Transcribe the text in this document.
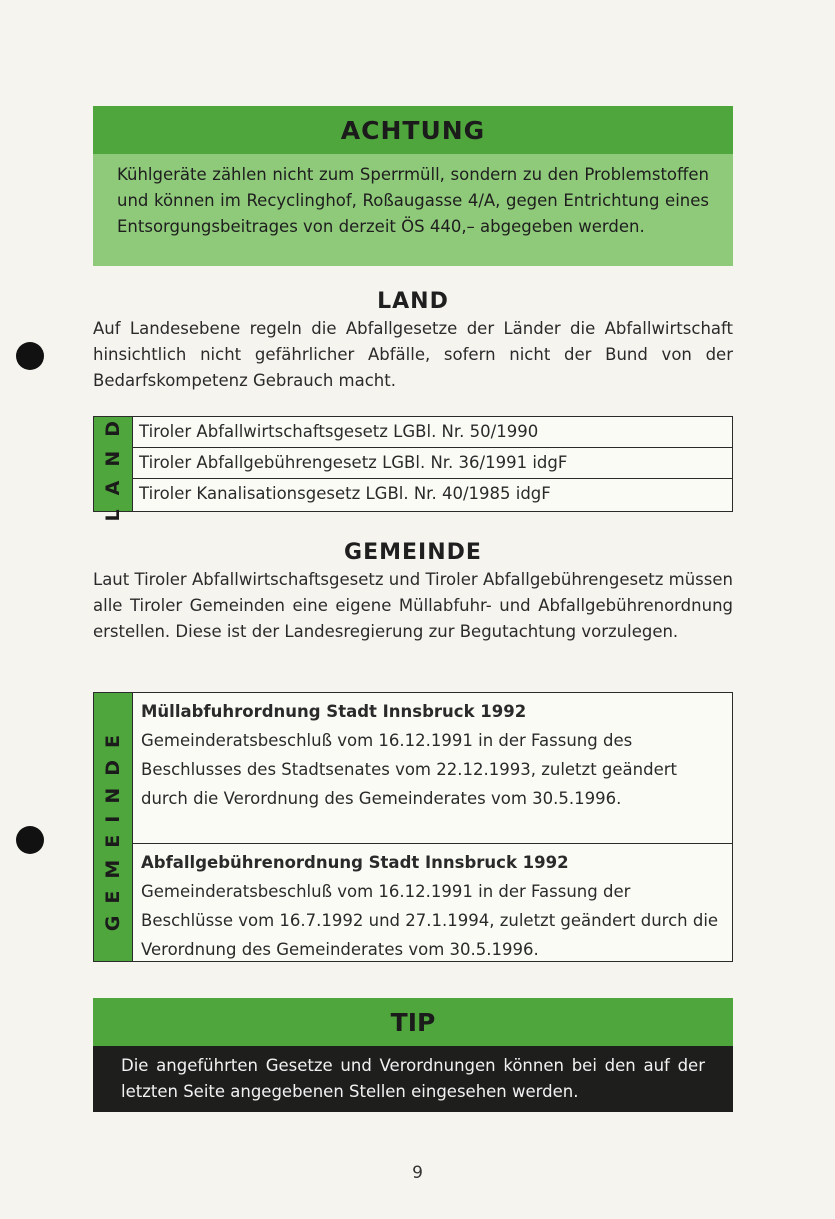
ACHTUNG
Kühlgeräte zählen nicht zum Sperrmüll, sondern zu den Problemstoffen und können im Recyclinghof, Roßaugasse 4/A, gegen Entrichtung eines Entsorgungsbeitrages von derzeit ÖS 440,– abgegeben werden.
LAND
Auf Landesebene regeln die Abfallgesetze der Länder die Abfallwirtschaft hinsichtlich nicht gefährlicher Abfälle, sofern nicht der Bund von der Bedarfskompetenz Gebrauch macht.
LAND Tiroler Abfallwirtschaftsgesetz LGBl. Nr. 50/1990
Tiroler Abfallgebührengesetz LGBl. Nr. 36/1991 idgF
Tiroler Kanalisationsgesetz LGBl. Nr. 40/1985 idgF
GEMEINDE
Laut Tiroler Abfallwirtschaftsgesetz und Tiroler Abfallgebührengesetz müssen alle Tiroler Gemeinden eine eigene Müllabfuhr- und Abfallgebührenordnung erstellen. Diese ist der Landesregierung zur Begutachtung vorzulegen.
GEMEINDE
Müllabfuhrordnung Stadt Innsbruck 1992
Gemeinderatsbeschluß vom 16.12.1991 in der Fassung des Beschlusses des Stadtsenates vom 22.12.1993, zuletzt geändert durch die Verordnung des Gemeinderates vom 30.5.1996.
Abfallgebührenordnung Stadt Innsbruck 1992
Gemeinderatsbeschluß vom 16.12.1991 in der Fassung der Beschlüsse vom 16.7.1992 und 27.1.1994, zuletzt geändert durch die Verordnung des Gemeinderates vom 30.5.1996.
TIP
Die angeführten Gesetze und Verordnungen können bei den auf der letzten Seite angegebenen Stellen eingesehen werden.
9
